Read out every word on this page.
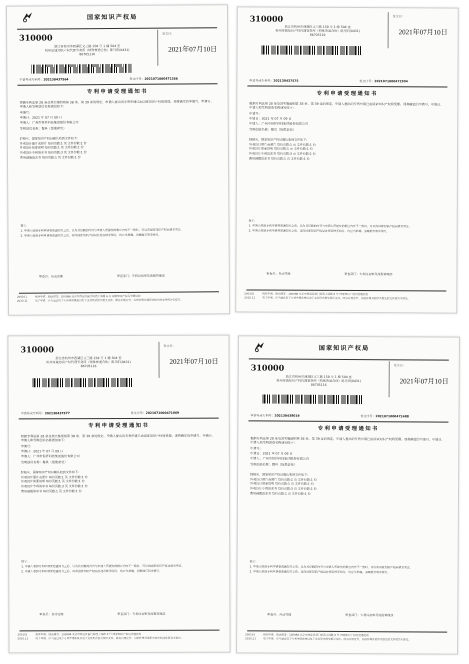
国家知识产权局
310000
浙江省杭州市西湖区文三路 158 号 1 幢 504 室
杭州星诚知识产权代理事务所（特殊普通合伙）陈丹阳(0431)
86705116
发文日：
2021年07月10日
申请号或专利号：202130437564	发文序号：2021071000471266
专利申请受理通知书

根据专利法第 28 条及其实施细则第 38 条、第 39 条的规定，申请人提出的专利申请已由国家知识产权局受理。现将确定的申请号、申请日、申请人和发明创造名称通知如下：

申请号：

申请日：2021 年 07 月 09 日

申请人：广州市恒祥科技集团股份有限公司

发明创造名称：餐具（饭盒套装）

经核实，国家知识产权局确认收到文件如下：
外观设计图片或照片 每份页数:1 页 文件份数:1 份
外观设计简要说明 每份页数:1 页 文件份数:1 份
外观设计专利请求书 每份页数:3 页 文件份数:1 份
费用减缓请求书 每份页数:1 页 文件份数:1 份
提示：
1. 申请人收到专利申请受理通知书之后，认为其记载的内容与申请人所提交的相应内容不一致时，可以向国家知识产权局请求更正。
2. 申请人收到专利申请受理通知书之后，再向国家知识产权局办理各种手续时，均应当准确、清晰地写明申请号。
审查员：自动受理	审查部门：专利局初审及流程管理部
200101 2010.11
纸件申请，回函请寄：100088 北京市海淀区蓟门桥西土城路 6 号 国家知识产权局受理处收
电子申请，应当通过电子专利申请系统以电子文件形式提交相关文件。除另有规定外，以纸件等其他形式提交的文件视为未提交。
310000
浙江省杭州市西湖区文三路 158 号 1 幢 504 室
杭州星诚知识产权代理事务所（特殊普通合伙）陈丹阳(0431)
86705116
发文日：
2021年07月10日
申请号或专利号：202130437575	发文序号：2021071000472304
专利申请受理通知书

根据专利法第 28 条及其实施细则第 38 条、第 39 条的规定，申请人提出的专利申请已由国家知识产权局受理。现将确定的申请号、申请日、申请人和发明创造名称通知如下：

申请号：

申请日：2021 年 07 月 09 日

申请人：广州市恒祥科技集团股份有限公司

发明创造名称：餐具（饭盒套装）

经核实，国家知识产权局确认收到文件如下：
外观设计图片或照片 每份页数:1 页 文件份数:1 份
外观设计简要说明 每份页数:1 页 文件份数:1 份
外观设计专利请求书 每份页数:3 页 文件份数:1 份
费用减缓请求书 每份页数:1 页 文件份数:1 份
提示：
1. 申请人收到专利申请受理通知书之后，认为其记载的内容与申请人所提交的相应内容不一致时，可以向国家知识产权局请求更正。
2. 申请人收到专利申请受理通知书之后，再向国家知识产权局办理各种手续时，均应当准确、清晰地写明申请号。
审查员：自动受理	审查部门：专利局初审及流程管理部
200101 2010.11
纸件申请，回函请寄：100088 北京市海淀区蓟门桥西土城路 6 号 国家知识产权局受理处收
电子申请，应当通过电子专利申请系统以电子文件形式提交相关文件。除另有规定外，以纸件等其他形式提交的文件视为未提交。
310000
浙江省杭州市西湖区文三路 158 号 1 幢 504 室
杭州星诚知识产权代理事务所（特殊普通合伙）陈丹阳(0431)
86705116
发文日：
2021年07月10日
申请号或专利号：202130437577	发文序号：2021071000471069
专利申请受理通知书

根据专利法第 28 条及其实施细则第 38 条、第 39 条的规定，申请人提出的专利申请已由国家知识产权局受理。现将确定的申请号、申请日、申请人和发明创造名称通知如下：

申请号：

申请日：2021 年 07 月 09 日

申请人：广州市恒祥科技集团股份有限公司

发明创造名称：餐具（饭盒套装）

经核实，国家知识产权局确认收到文件如下：
外观设计图片或照片 每份页数:1 页 文件份数:1 份
外观设计简要说明 每份页数:1 页 文件份数:1 份
外观设计专利请求书 每份页数:3 页 文件份数:1 份
费用减缓请求书 每份页数:1 页 文件份数:1 份
提示：
1. 申请人收到专利申请受理通知书之后，认为其记载的内容与申请人所提交的相应内容不一致时，可以向国家知识产权局请求更正。
2. 申请人收到专利申请受理通知书之后，再向国家知识产权局办理各种手续时，均应当准确、清晰地写明申请号。
审查员：自动受理	审查部门：专利局初审及流程管理部
200101 2010.11
纸件申请，回函请寄：100088 北京市海淀区蓟门桥西土城路 6 号 国家知识产权局受理处收
电子申请，应当通过电子专利申请系统以电子文件形式提交相关文件。除另有规定外，以纸件等其他形式提交的文件视为未提交。
国家知识产权局
310000
浙江省杭州市西湖区文三路 158 号 1 幢 504 室
杭州星诚知识产权代理事务所（特殊普通合伙）陈丹阳(0431)
86705116
发文日：
2021年07月10日
申请号或专利号：202130438019	发文序号：2021071000472488
专利申请受理通知书

根据专利法第 28 条及其实施细则第 38 条、第 39 条的规定，申请人提出的专利申请已由国家知识产权局受理。现将确定的申请号、申请日、申请人和发明创造名称通知如下：

申请号：

申请日：2021 年 07 月 09 日

申请人：广州市恒祥科技集团股份有限公司

发明创造名称：餐具（饭盒套装）

经核实，国家知识产权局确认收到文件如下：
外观设计图片或照片 每份页数:1 页 文件份数:1 份
外观设计简要说明 每份页数:1 页 文件份数:1 份
外观设计专利请求书 每份页数:3 页 文件份数:1 份
费用减缓请求书 每份页数:1 页 文件份数:1 份
提示：
1. 申请人收到专利申请受理通知书之后，认为其记载的内容与申请人所提交的相应内容不一致时，可以向国家知识产权局请求更正。
2. 申请人收到专利申请受理通知书之后，再向国家知识产权局办理各种手续时，均应当准确、清晰地写明申请号。
审查员：自动受理	审查部门：专利局初审及流程管理部
200101 2010.11
纸件申请，回函请寄：100088 北京市海淀区蓟门桥西土城路 6 号 国家知识产权局受理处收
电子申请，应当通过电子专利申请系统以电子文件形式提交相关文件。除另有规定外，以纸件等其他形式提交的文件视为未提交。
